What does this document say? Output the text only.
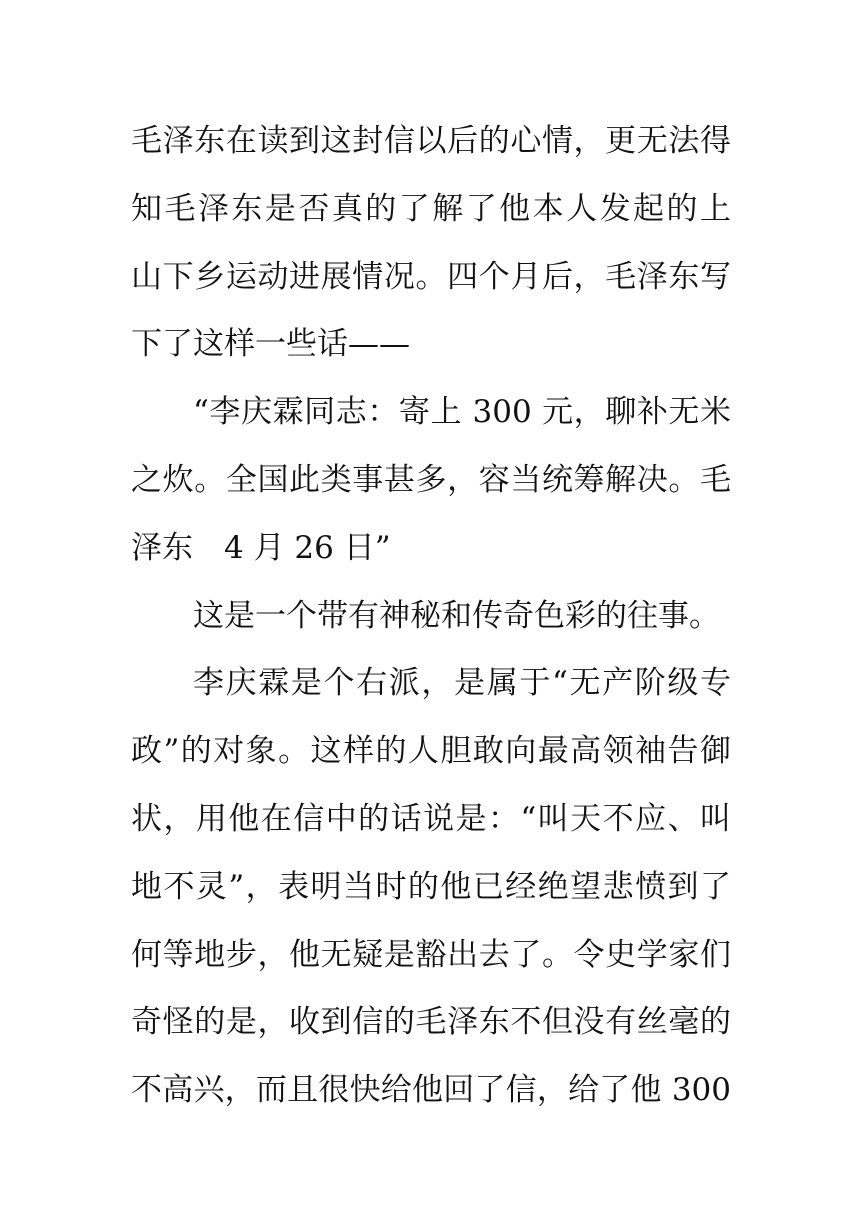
毛泽东在读到这封信以后的心情，更无法得
知毛泽东是否真的了解了他本人发起的上
山下乡运动进展情况。四个月后，毛泽东写
下了这样一些话——
“李庆霖同志：寄上 300 元，聊补无米
之炊。全国此类事甚多，容当统筹解决。毛
泽东　4 月 26 日”
这是一个带有神秘和传奇色彩的往事。
李庆霖是个右派，是属于“无产阶级专
政”的对象。这样的人胆敢向最高领袖告御
状，用他在信中的话说是：“叫天不应、叫
地不灵”，表明当时的他已经绝望悲愤到了
何等地步，他无疑是豁出去了。令史学家们
奇怪的是，收到信的毛泽东不但没有丝毫的
不高兴，而且很快给他回了信，给了他 300
